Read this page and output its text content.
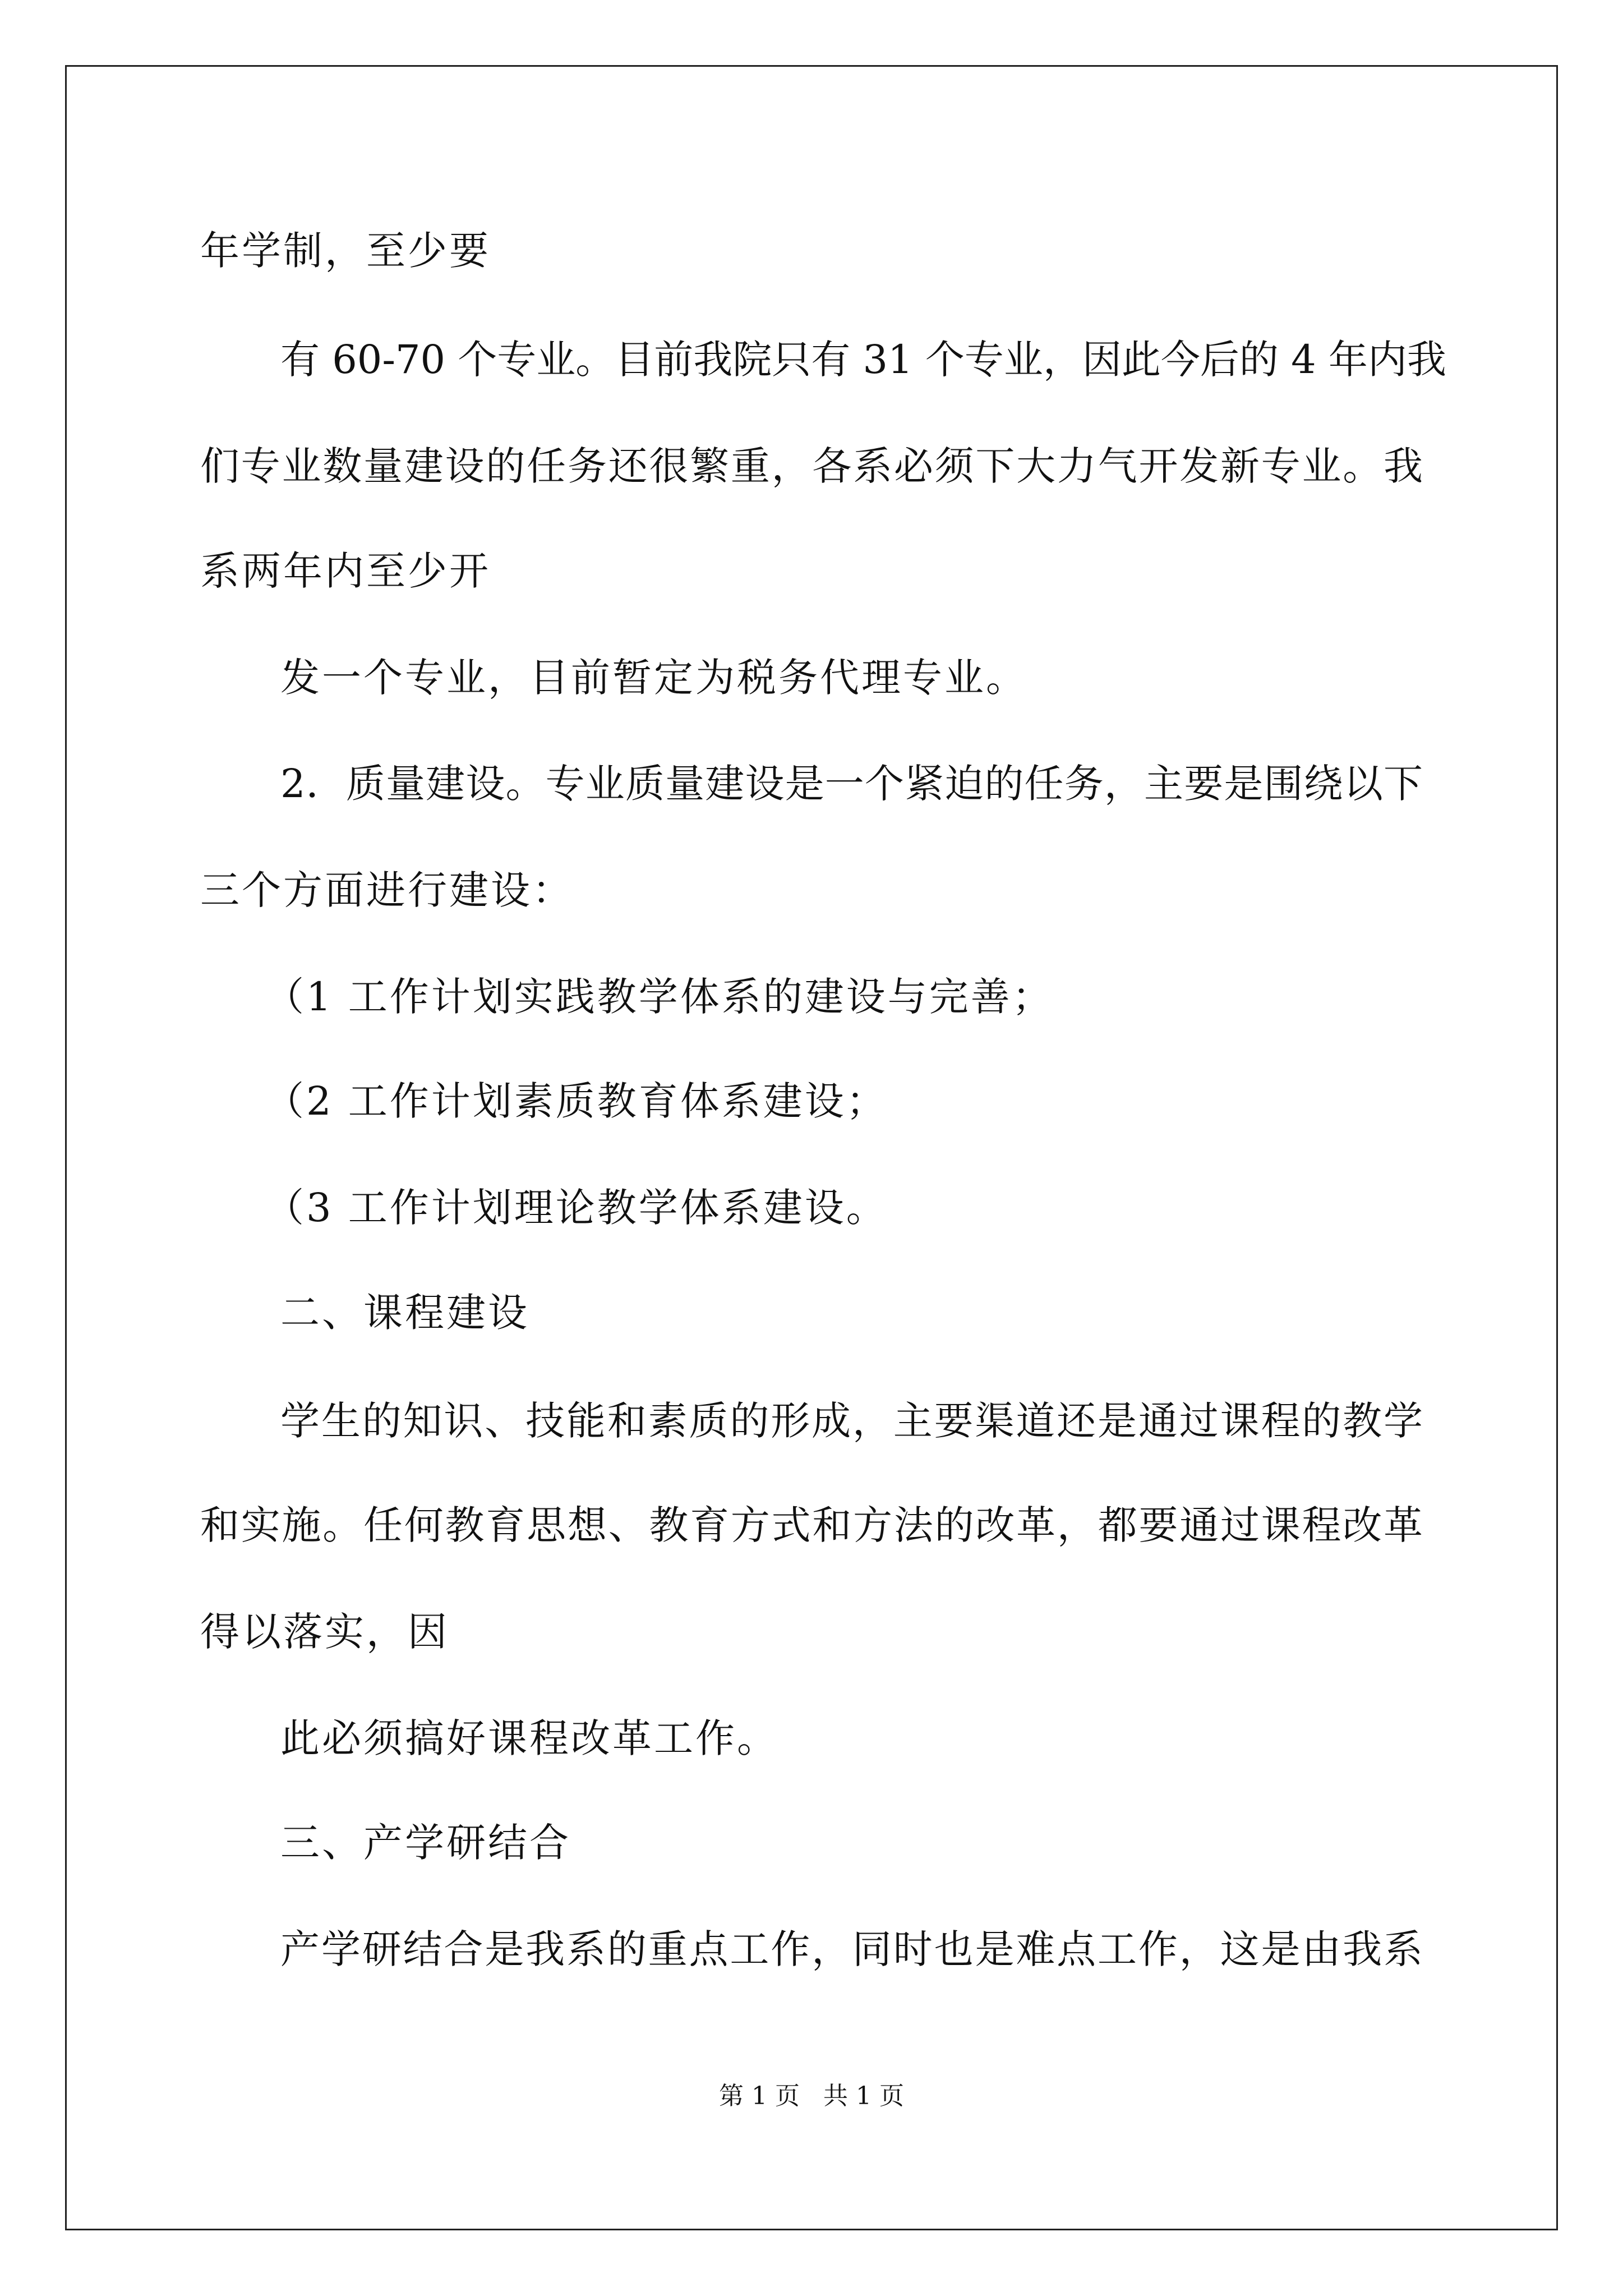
年学制，至少要
有 60-70 个专业。目前我院只有 31 个专业，因此今后的 4 年内我
们专业数量建设的任务还很繁重，各系必须下大力气开发新专业。我
系两年内至少开
发一个专业，目前暂定为税务代理专业。
2．质量建设。专业质量建设是一个紧迫的任务，主要是围绕以下
三个方面进行建设：
（1 工作计划实践教学体系的建设与完善；
（2 工作计划素质教育体系建设；
（3 工作计划理论教学体系建设。
二、课程建设
学生的知识、技能和素质的形成，主要渠道还是通过课程的教学
和实施。任何教育思想、教育方式和方法的改革，都要通过课程改革
得以落实，因
此必须搞好课程改革工作。
三、产学研结合
产学研结合是我系的重点工作，同时也是难点工作，这是由我系
第 1 页   共 1 页
